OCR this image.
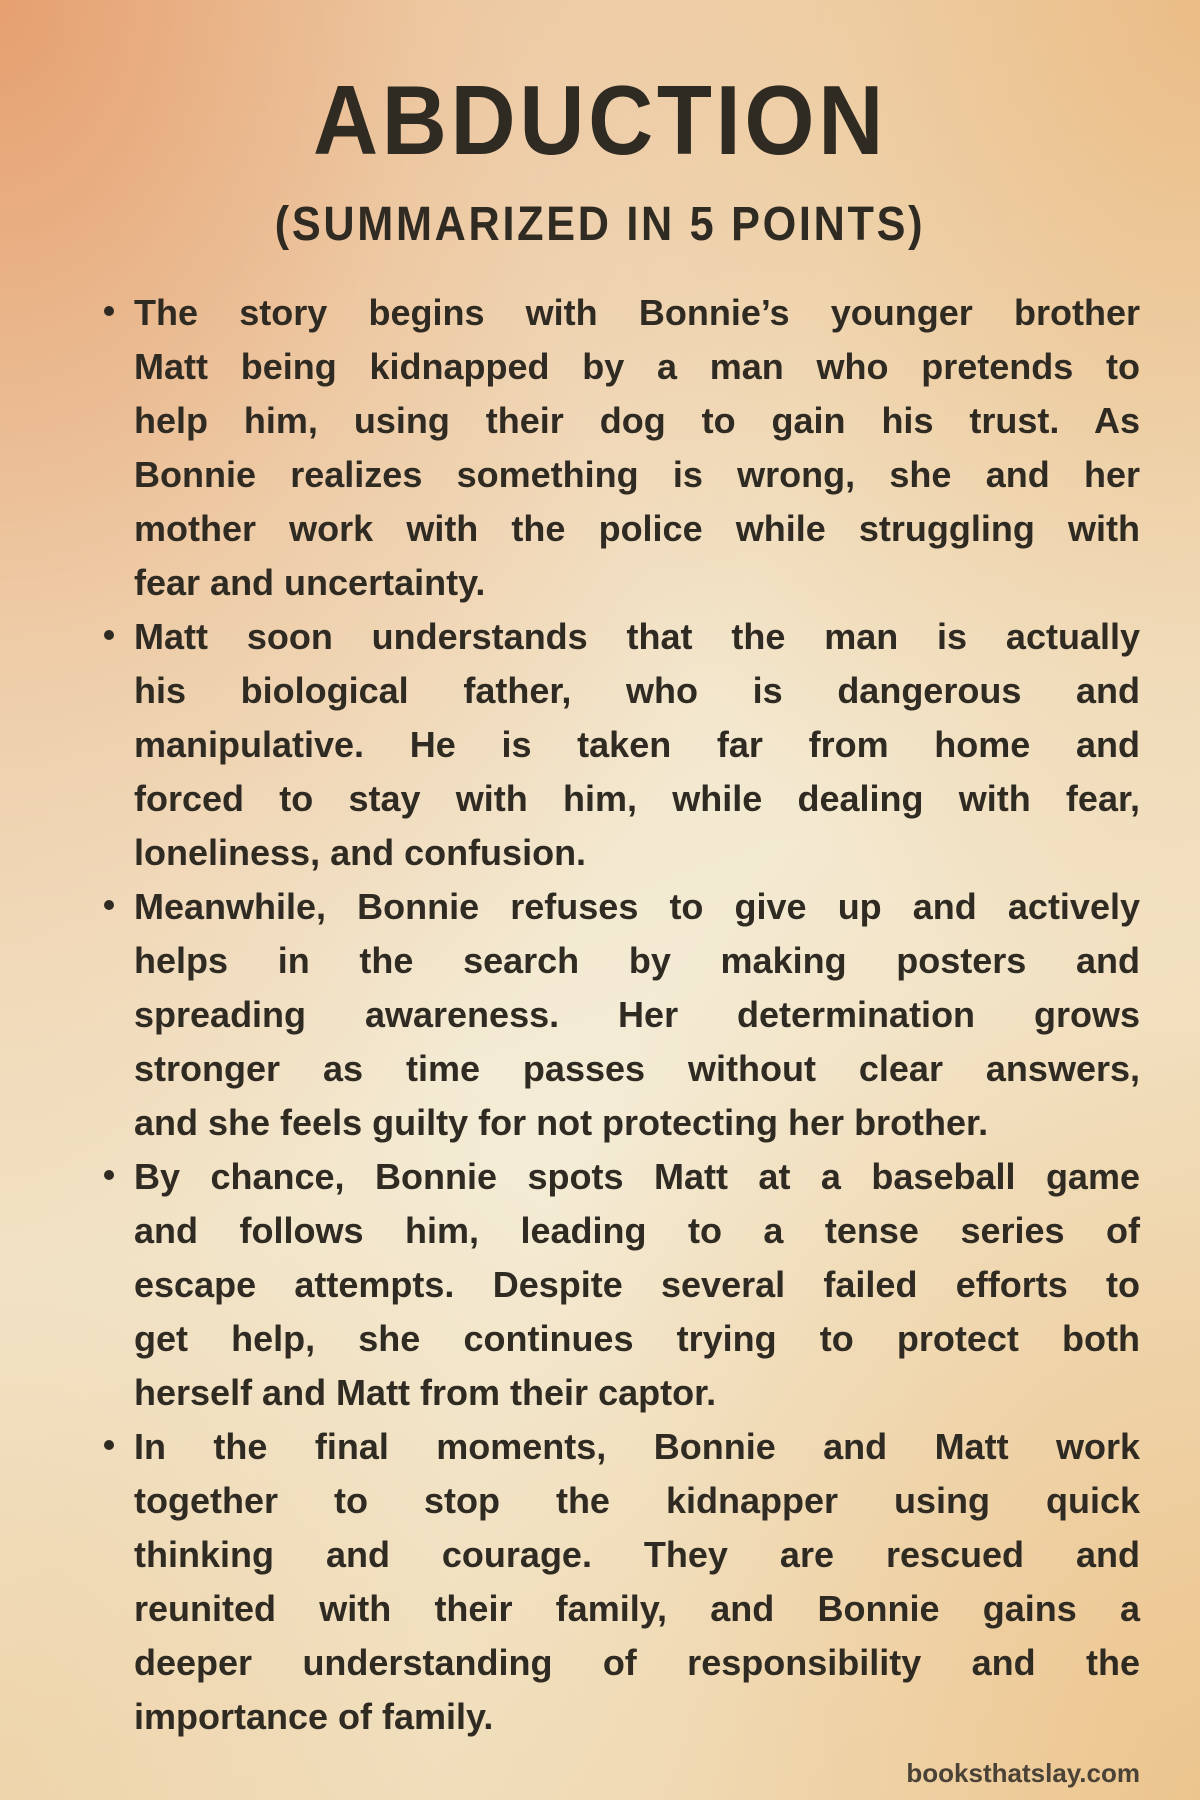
ABDUCTION
(SUMMARIZED IN 5 POINTS)
The story begins with Bonnie’s younger brother
Matt being kidnapped by a man who pretends to
help him, using their dog to gain his trust. As
Bonnie realizes something is wrong, she and her
mother work with the police while struggling with
fear and uncertainty.
Matt soon understands that the man is actually
his biological father, who is dangerous and
manipulative. He is taken far from home and
forced to stay with him, while dealing with fear,
loneliness, and confusion.
Meanwhile, Bonnie refuses to give up and actively
helps in the search by making posters and
spreading awareness. Her determination grows
stronger as time passes without clear answers,
and she feels guilty for not protecting her brother.
By chance, Bonnie spots Matt at a baseball game
and follows him, leading to a tense series of
escape attempts. Despite several failed efforts to
get help, she continues trying to protect both
herself and Matt from their captor.
In the final moments, Bonnie and Matt work
together to stop the kidnapper using quick
thinking and courage. They are rescued and
reunited with their family, and Bonnie gains a
deeper understanding of responsibility and the
importance of family.
booksthatslay.com
